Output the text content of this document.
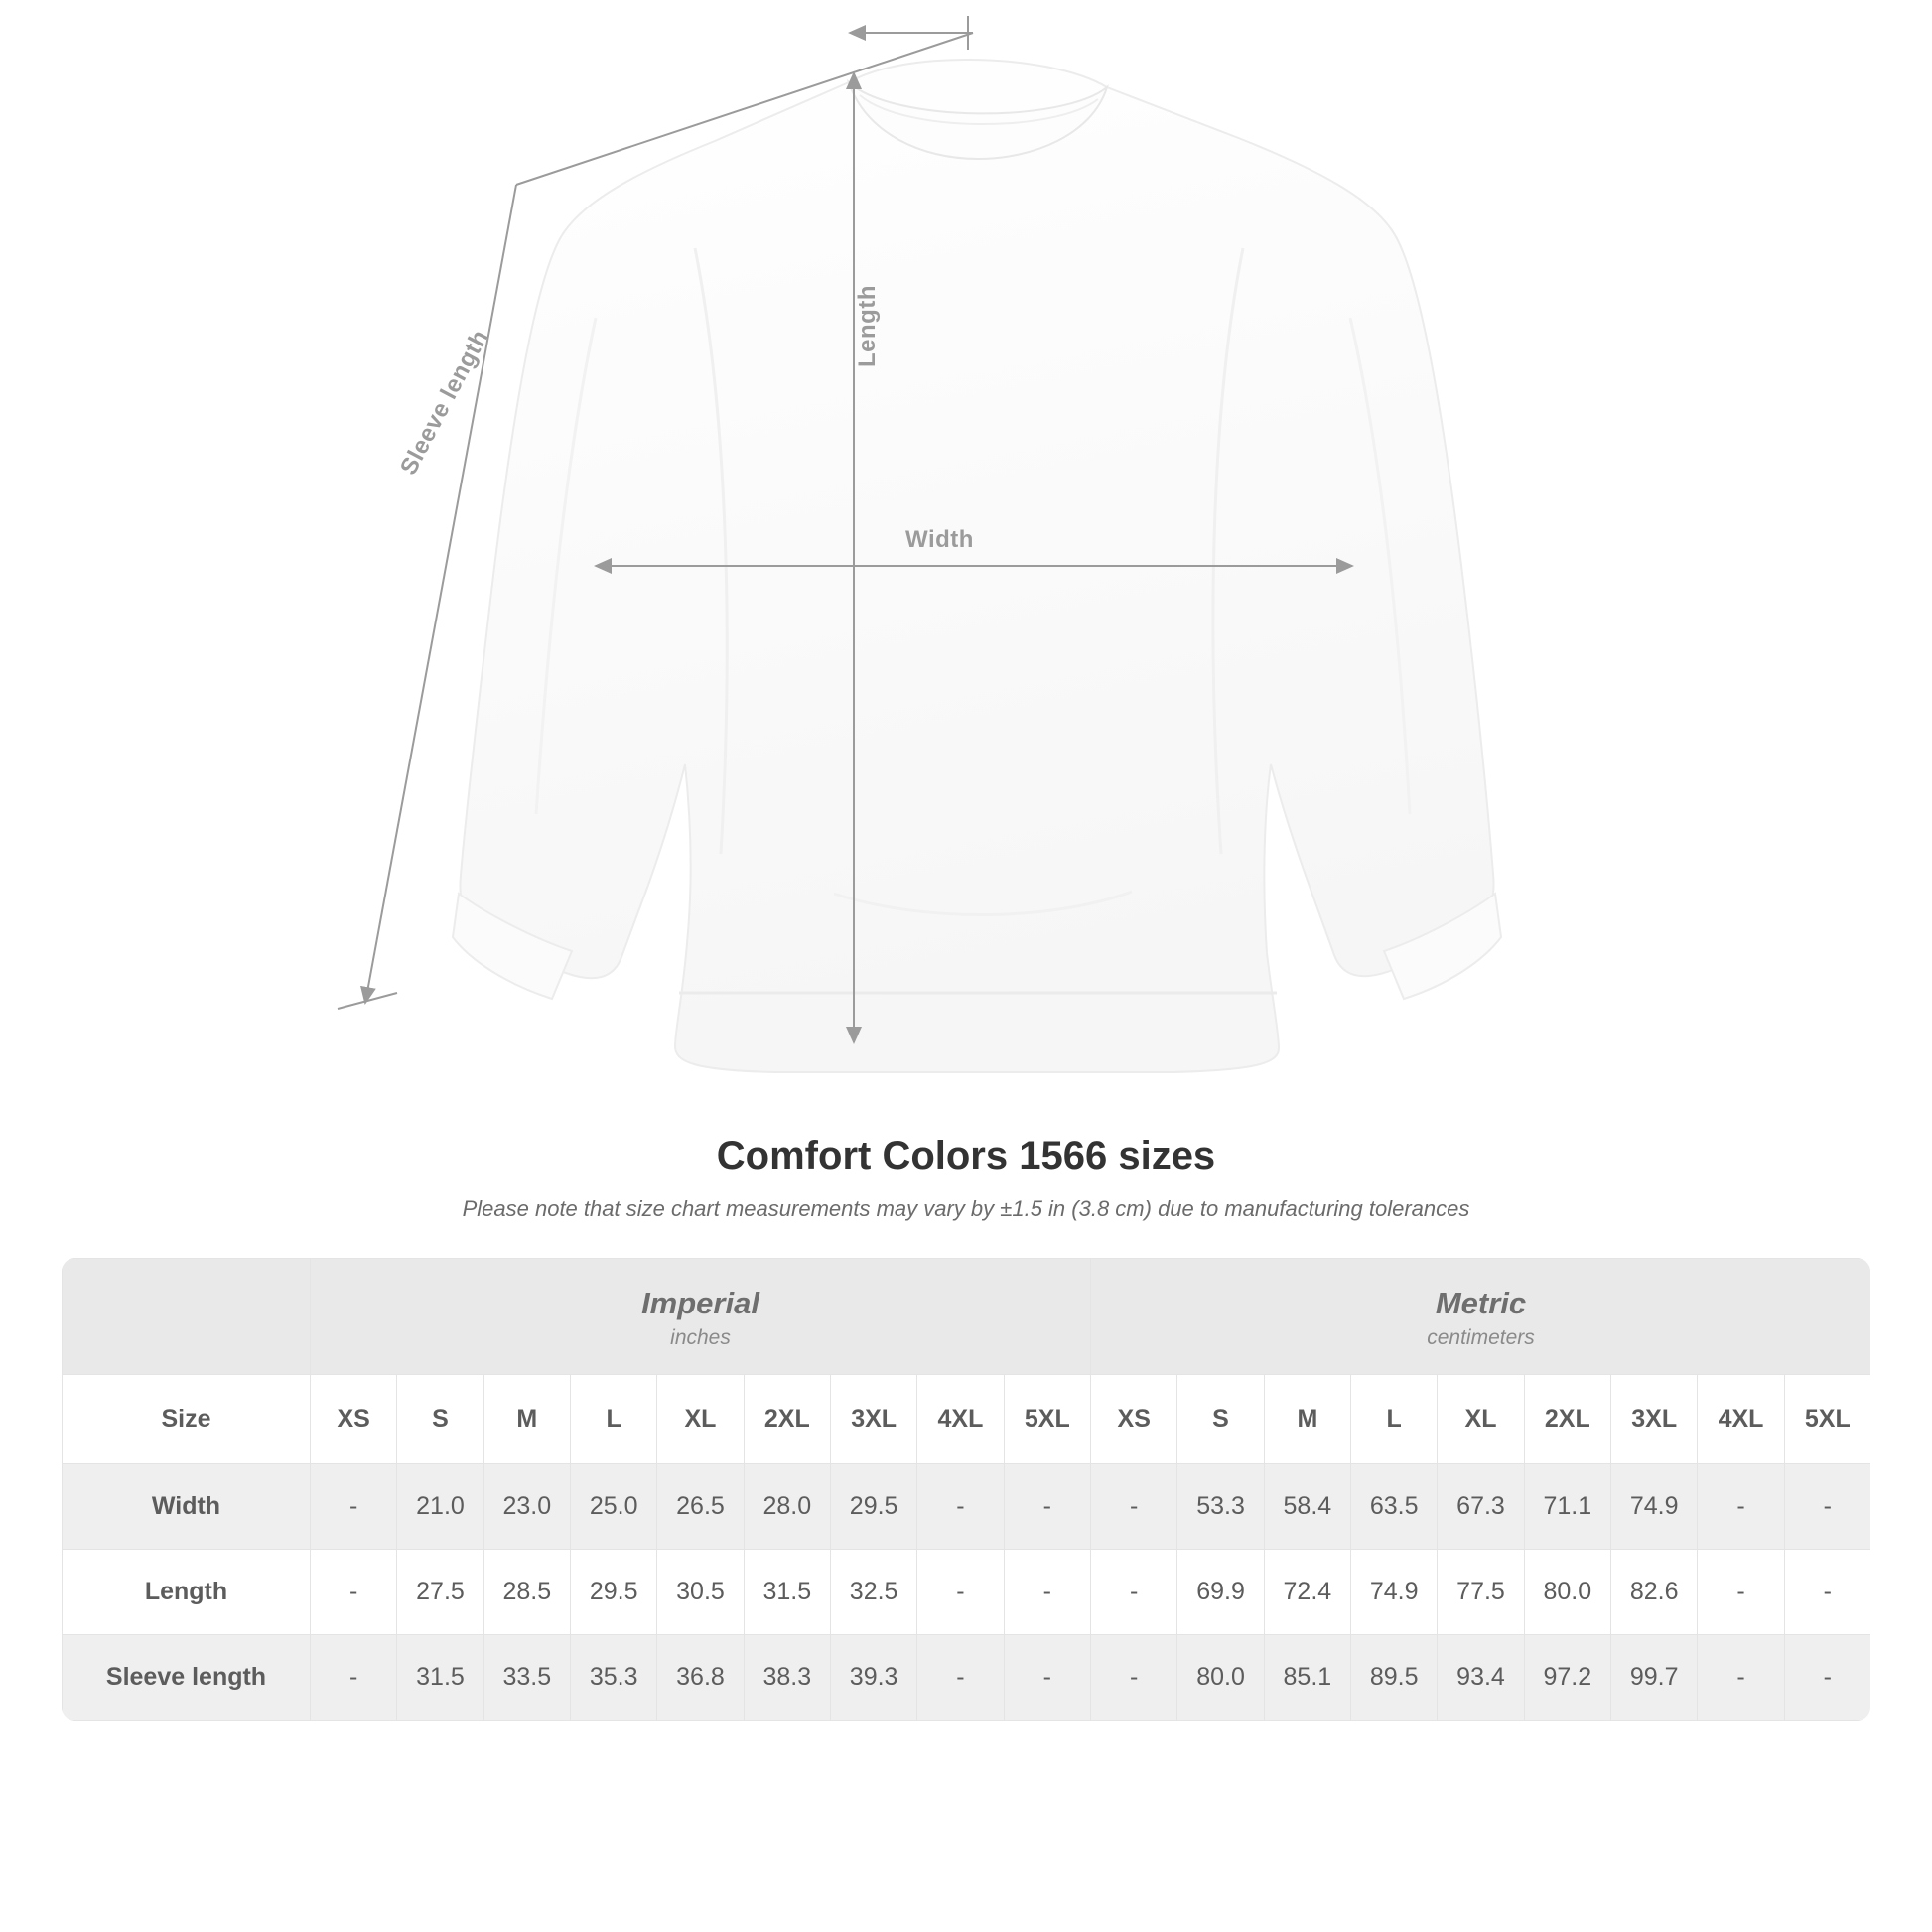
Width
Length
Sleeve length
Comfort Colors 1566 sizes

Please note that size chart measurements may vary by ±1.5 in (3.8 cm) due to manufacturing tolerances

Imperial
inches

Metric
centimeters

Size	XS	S	M	L	XL	2XL	3XL	4XL	5XL	XS	S	M	L	XL	2XL	3XL	4XL	5XL
Width	-	21.0	23.0	25.0	26.5	28.0	29.5	-	-	-	53.3	58.4	63.5	67.3	71.1	74.9	-	-
Length	-	27.5	28.5	29.5	30.5	31.5	32.5	-	-	-	69.9	72.4	74.9	77.5	80.0	82.6	-	-
Sleeve length	-	31.5	33.5	35.3	36.8	38.3	39.3	-	-	-	80.0	85.1	89.5	93.4	97.2	99.7	-	-
